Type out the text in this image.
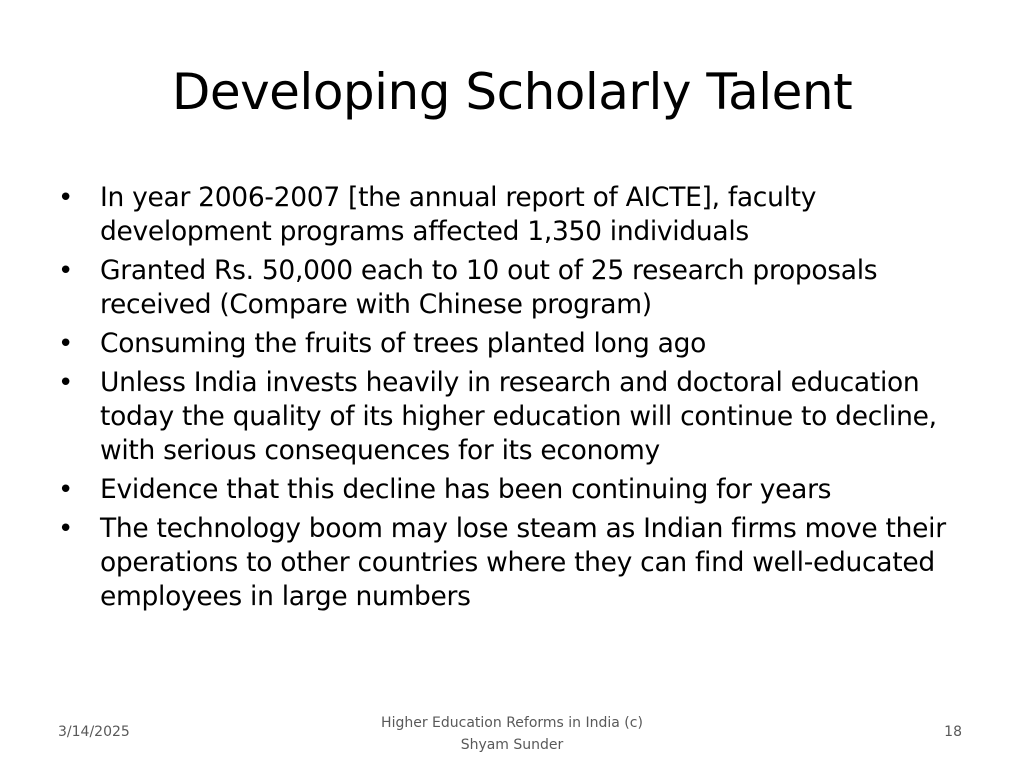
Developing Scholarly Talent
•	In year 2006-2007 [the annual report of AICTE], faculty development programs affected 1,350 individuals
•	Granted Rs. 50,000 each to 10 out of 25 research proposals received (Compare with Chinese program)
•	Consuming the fruits of trees planted long ago
•	Unless India invests heavily in research and doctoral education today the quality of its higher education will continue to decline, with serious consequences for its economy
•	Evidence that this decline has been continuing for years
•	The technology boom may lose steam as Indian firms move their operations to other countries where they can find well-educated employees in large numbers
3/14/2025
Higher Education Reforms in India (c)
Shyam Sunder
18
